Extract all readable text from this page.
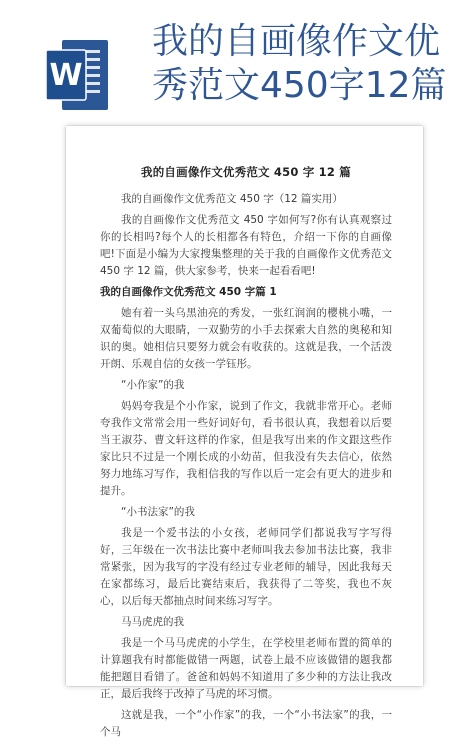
W
我的自画像作文优
秀范文450字12篇
我的自画像作文优秀范文 450 字 12 篇
我的自画像作文优秀范文 450 字（12 篇实用）
我的自画像作文优秀范文 450 字如何写?你有认真观察过你的长相吗?每个人的长相都各有特色，介绍一下你的自画像吧!下面是小编为大家搜集整理的关于我的自画像作文优秀范文 450 字 12 篇，供大家参考，快来一起看看吧!
我的自画像作文优秀范文 450 字篇 1
她有着一头乌黑油亮的秀发，一张红润润的樱桃小嘴，一双葡萄似的大眼睛，一双勤劳的小手去探索大自然的奥秘和知识的奥。她相信只要努力就会有收获的。这就是我，一个活泼开朗、乐观自信的女孩一学钰彤。
“小作家”的我
妈妈夸我是个小作家，说到了作文，我就非常开心。老师夸我作文常常会用一些好词好句，看书很认真，我想着以后要当王淑芬、曹文轩这样的作家，但是我写出来的作文跟这些作家比只不过是一个刚长成的小幼苗，但我没有失去信心，依然努力地练习写作，我相信我的写作以后一定会有更大的进步和提升。
“小书法家”的我
我是一个爱书法的小女孩，老师同学们都说我写字写得好，三年级在一次书法比赛中老师叫我去参加书法比赛，我非常紧张，因为我写的字没有经过专业老师的辅导，因此我每天在家都练习，最后比赛结束后，我获得了二等奖，我也不灰心，以后每天都抽点时间来练习写字。
马马虎虎的我
我是一个马马虎虎的小学生，在学校里老师布置的简单的计算题我有时都能做错一两题，试卷上最不应该做错的题我都能把题目看错了。爸爸和妈妈不知道用了多少种的方法让我改正，最后我终于改掉了马虎的坏习惯。
这就是我，一个“小作家”的我，一个“小书法家”的我，一个马
